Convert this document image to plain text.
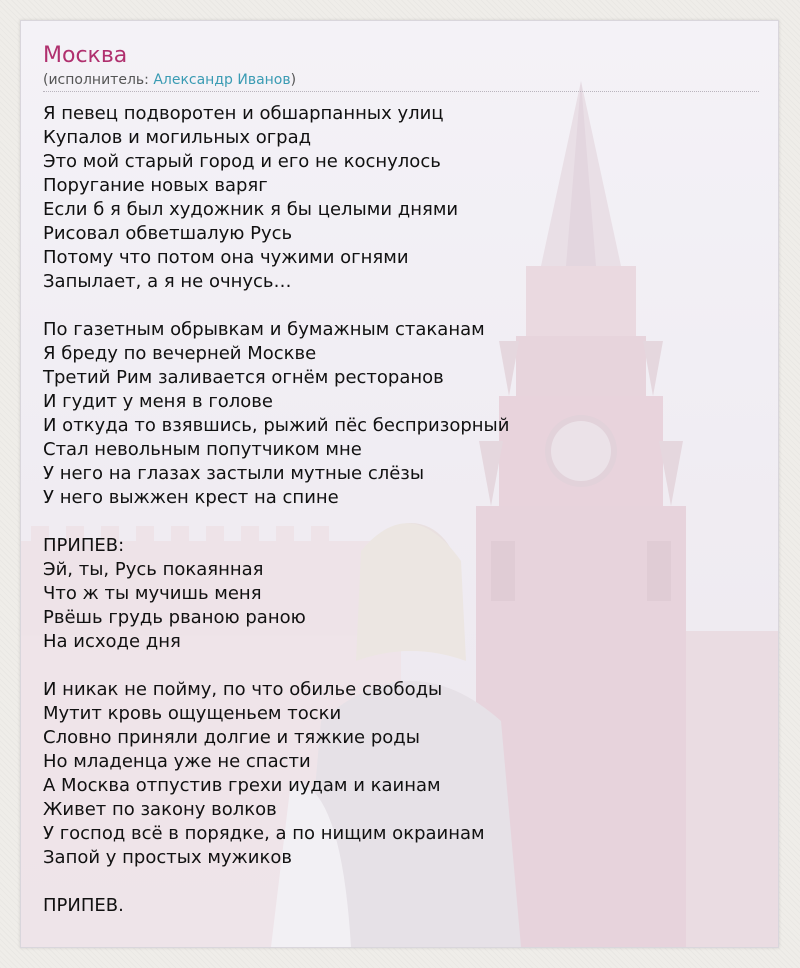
Москва
(исполнитель: Александр Иванов)
Я певец подворотен и обшарпанных улиц
Купалов и могильных оград
Это мой старый город и его не коснулось
Поругание новых варяг
Если б я был художник я бы целыми днями
Рисовал обветшалую Русь
Потому что потом она чужими огнями
Запылает, а я не очнусь…
По газетным обрывкам и бумажным стаканам
Я бреду по вечерней Москве
Третий Рим заливается огнём ресторанов
И гудит у меня в голове
И откуда то взявшись, рыжий пёс беспризорный
Стал невольным попутчиком мне
У него на глазах застыли мутные слёзы
У него выжжен крест на спине
ПРИПЕВ:
Эй, ты, Русь покаянная
Что ж ты мучишь меня
Рвёшь грудь рваною раною
На исходе дня
И никак не пойму, по что обилье свободы
Мутит кровь ощущеньем тоски
Словно приняли долгие и тяжкие роды
Но младенца уже не спасти
А Москва отпустив грехи иудам и каинам
Живет по закону волков
У господ всё в порядке, а по нищим окраинам
Запой у простых мужиков
ПРИПЕВ.
